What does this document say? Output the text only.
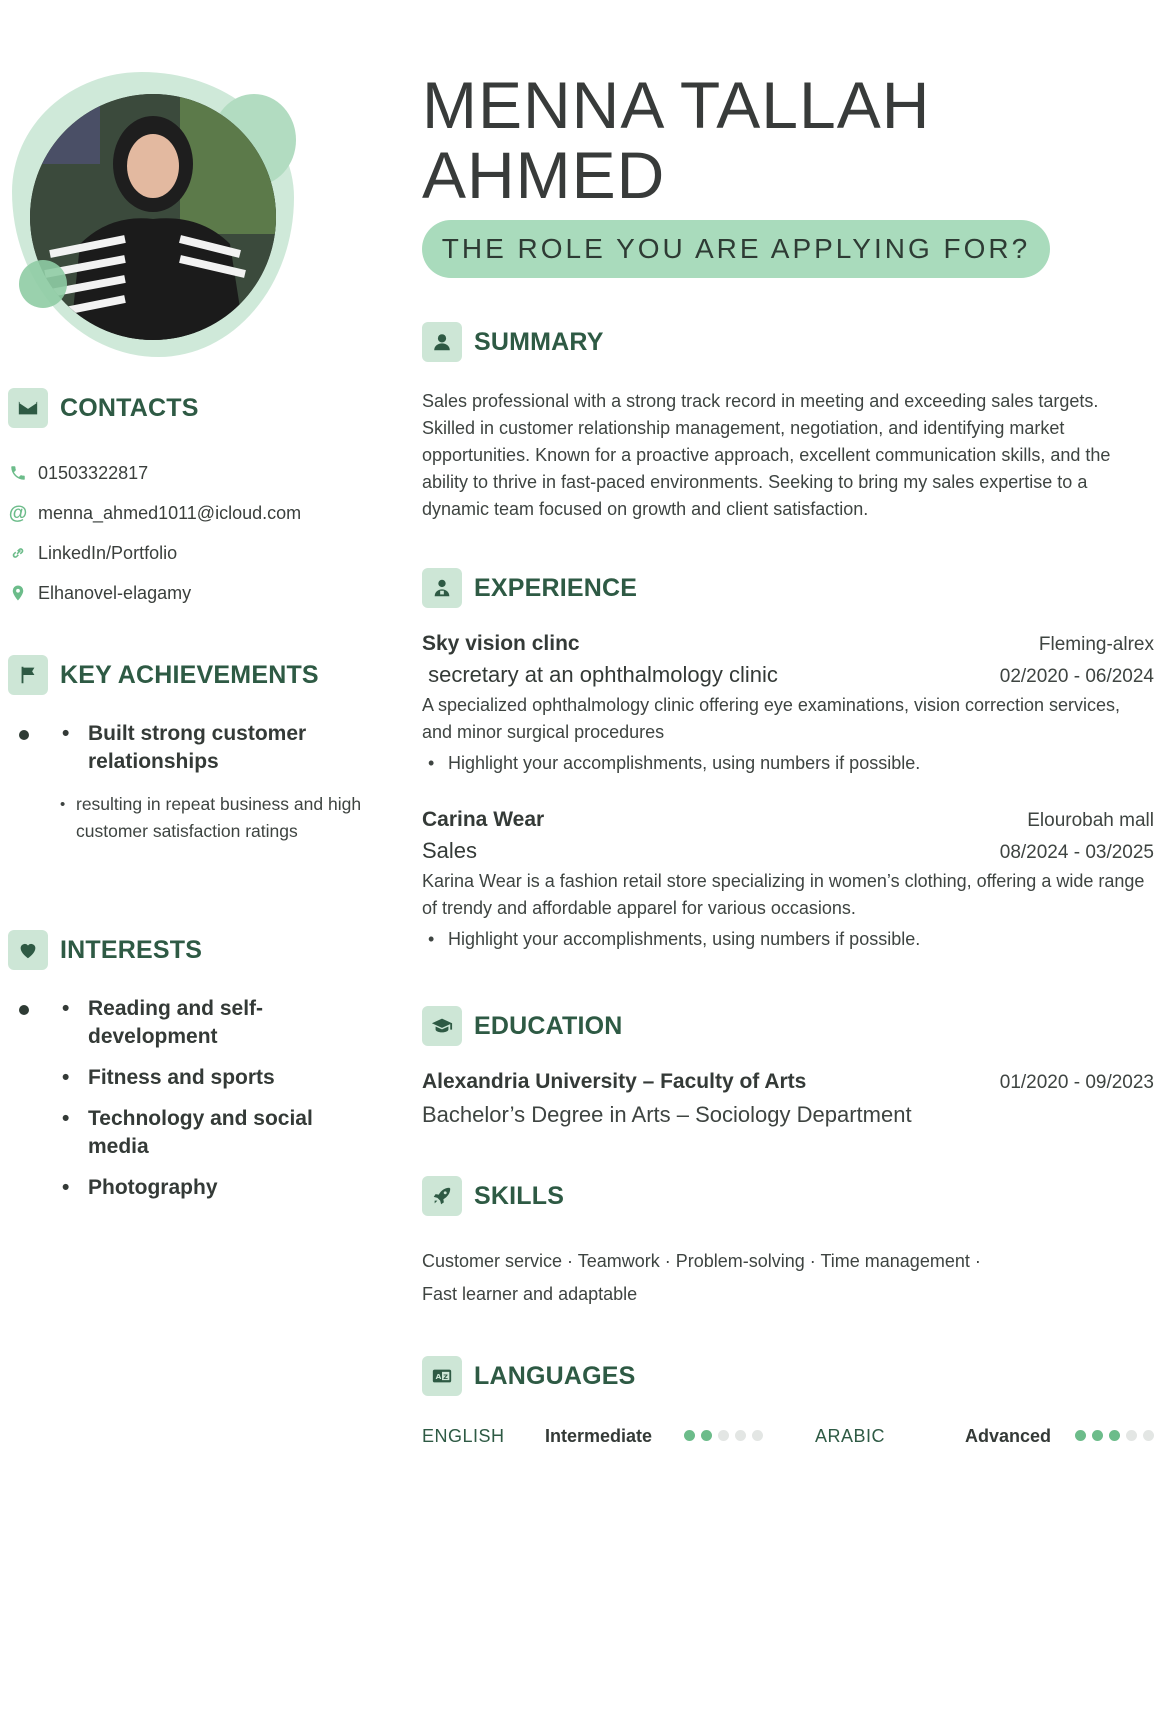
CONTACTS
01503322817
@ menna_ahmed1011@icloud.com
LinkedIn/Portfolio
Elhanovel-elagamy
KEY ACHIEVEMENTS
• Built strong customer relationships
• resulting in repeat business and high customer satisfaction ratings
INTERESTS
• Reading and self-development
• Fitness and sports
• Technology and social media
• Photography
MENNA TALLAH AHMED
THE ROLE YOU ARE APPLYING FOR?
SUMMARY
Sales professional with a strong track record in meeting and exceeding sales targets. Skilled in customer relationship management, negotiation, and identifying market opportunities. Known for a proactive approach, excellent communication skills, and the ability to thrive in fast-paced environments. Seeking to bring my sales expertise to a dynamic team focused on growth and client satisfaction.
EXPERIENCE
Sky vision clinc	Fleming-alrex
secretary at an ophthalmology clinic	02/2020 - 06/2024
A specialized ophthalmology clinic offering eye examinations, vision correction services, and minor surgical procedures
• Highlight your accomplishments, using numbers if possible.
Carina Wear	Elourobah mall
Sales	08/2024 - 03/2025
Karina Wear is a fashion retail store specializing in women’s clothing, offering a wide range of trendy and affordable apparel for various occasions.
• Highlight your accomplishments, using numbers if possible.
EDUCATION
Alexandria University – Faculty of Arts	01/2020 - 09/2023
Bachelor’s Degree in Arts – Sociology Department
SKILLS
Customer service · Teamwork · Problem-solving · Time management ·
Fast learner and adaptable
A Z LANGUAGES
ENGLISH Intermediate	ARABIC	Advanced
